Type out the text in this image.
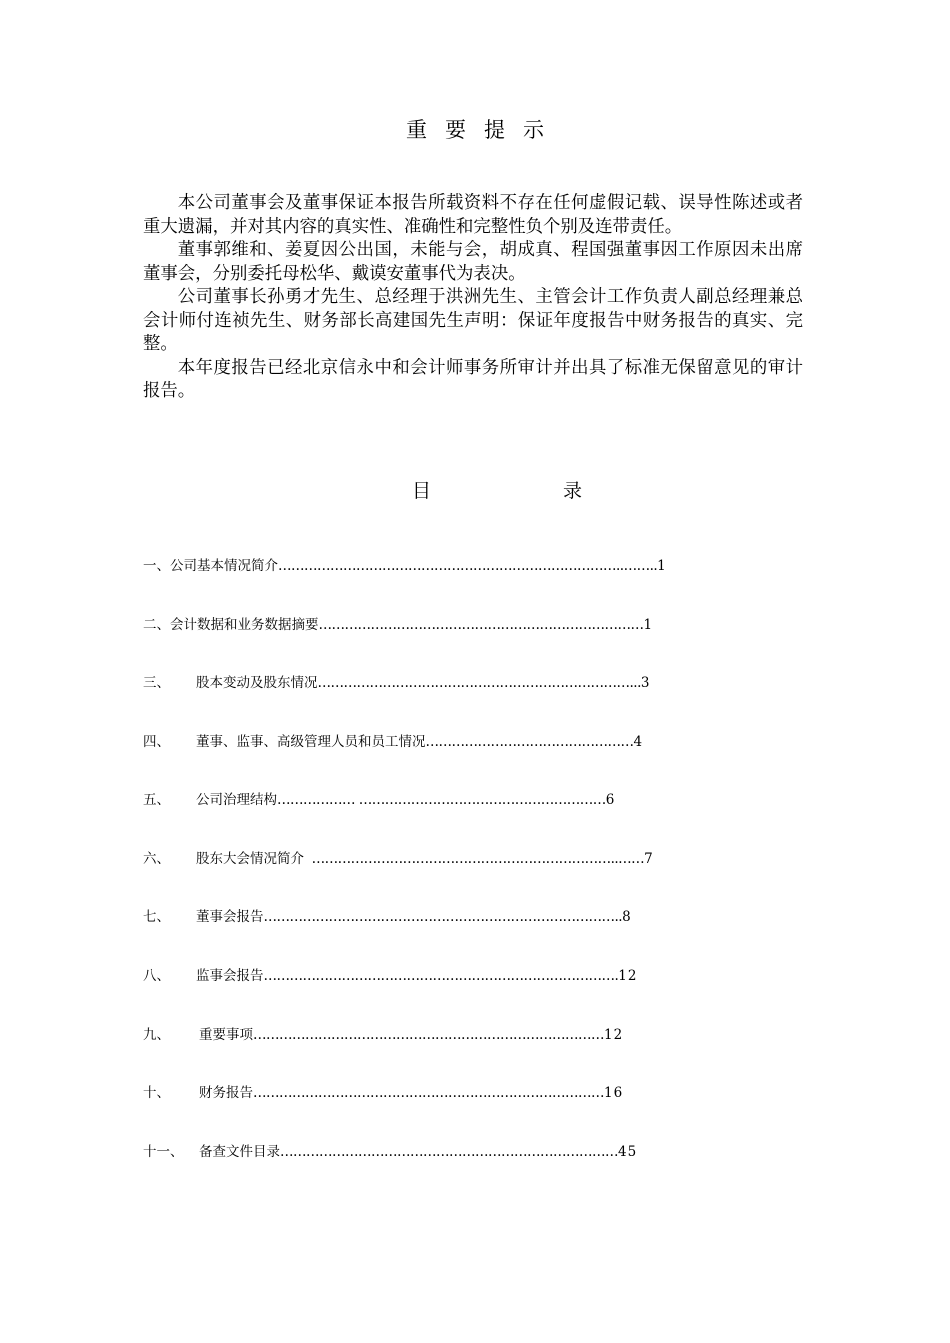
重要提示

本公司董事会及董事保证本报告所载资料不存在任何虚假记载、误导性陈述或者重大遗漏，并对其内容的真实性、准确性和完整性负个别及连带责任。

董事郭维和、姜夏因公出国，未能与会，胡成真、程国强董事因工作原因未出席董事会，分别委托母松华、戴谟安董事代为表决。

公司董事长孙勇才先生、总经理于洪洲先生、主管会计工作负责人副总经理兼总会计师付连祯先生、财务部长高建国先生声明：保证年度报告中财务报告的真实、完整。

本年度报告已经北京信永中和会计师事务所审计并出具了标准无保留意见的审计报告。

目	录
一、公司基本情况简介……………………………………………………………………..……..1
二、会计数据和业务数据摘要…………………………………………………………………1
三、 股本变动及股东情况………………………………………………………………...3
四、 董事、监事、高级管理人员和员工情况…………………………………………4
五、 公司治理结构……………… …………………………………………………6
六、 股东大会情况简介  ……………………………………………………………..……7
七、 董事会报告………………………………………………………………………..8
八、 监事会报告……………………………………………………………………….12
九、 重要事项………………………………………………………………………12
十、 财务报告………………………………………………………………………16
十一、 备查文件目录……………………………………………………………………45
